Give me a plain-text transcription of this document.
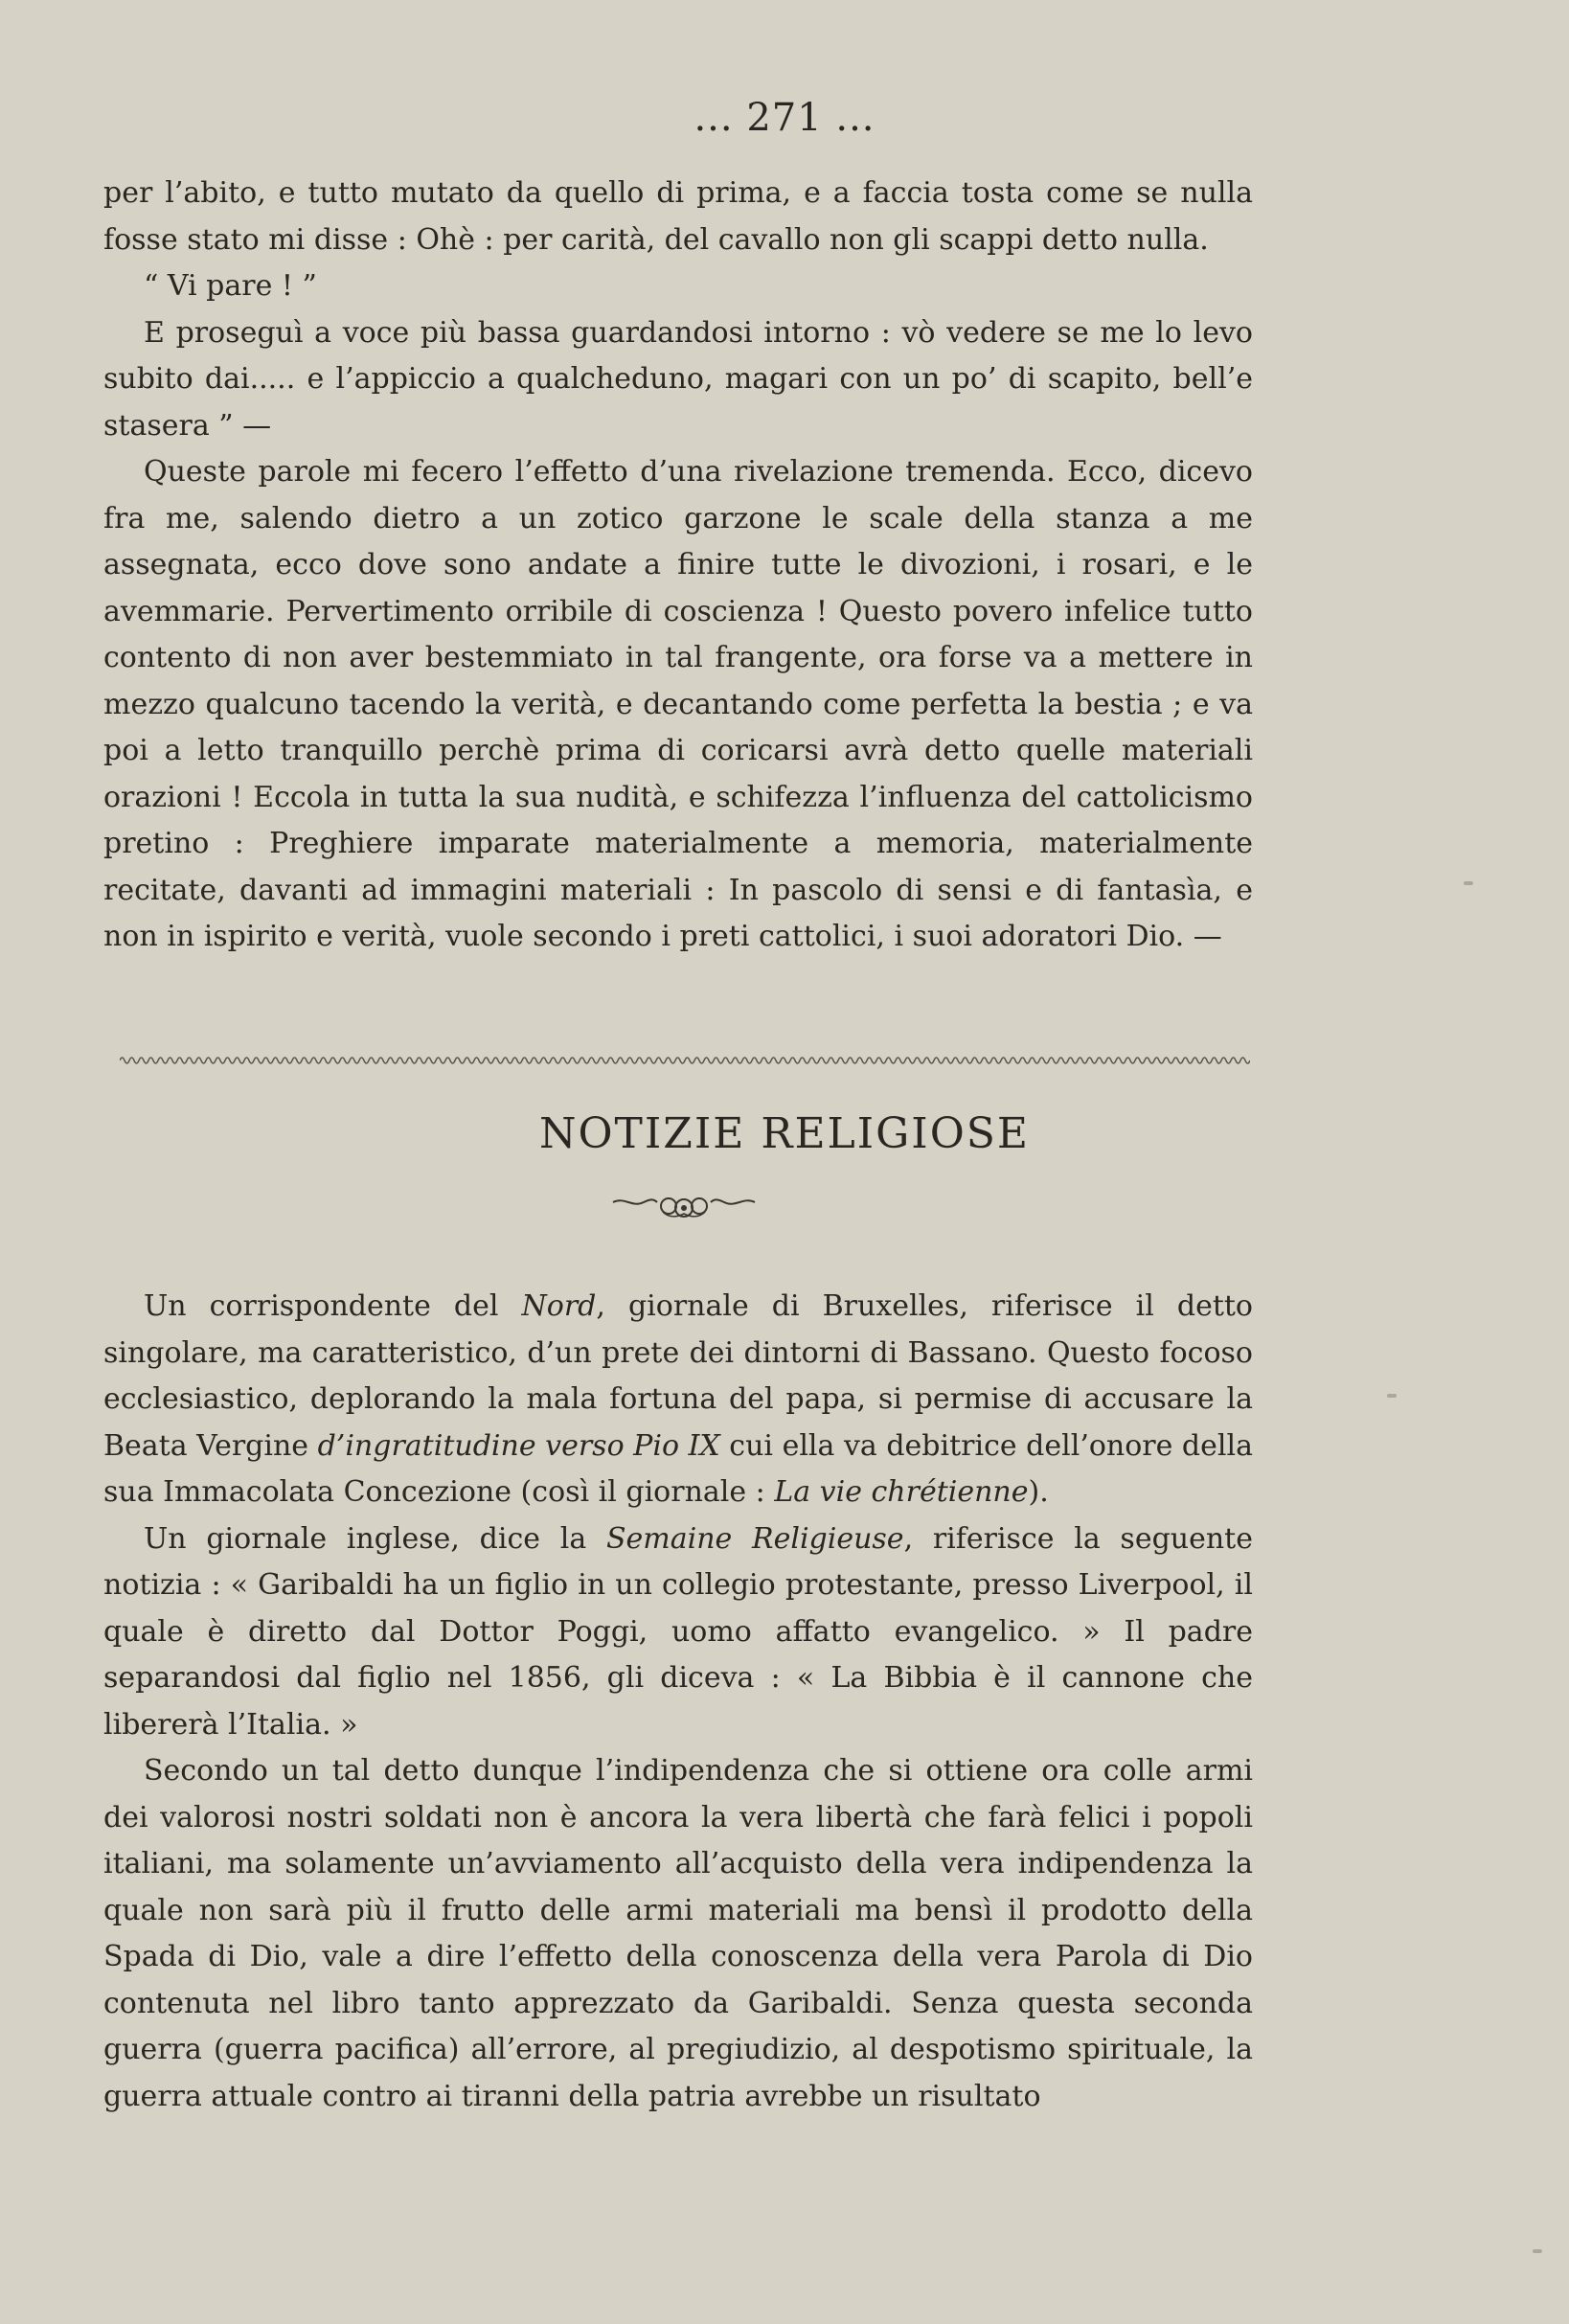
... 271 ...

per l’abito, e tutto mutato da quello di prima, e a faccia tosta come se nulla fosse stato mi disse : Ohè : per carità, del cavallo non gli scappi detto nulla.

“ Vi pare ! ”

E proseguì a voce più bassa guardandosi intorno : vò vedere se me lo levo subito dai..... e l’appiccio a qualcheduno, magari con un po’ di scapito, bell’e stasera ” —

Queste parole mi fecero l’effetto d’una rivelazione tremenda. Ecco, dicevo fra me, salendo dietro a un zotico garzone le scale della stanza a me assegnata, ecco dove sono andate a finire tutte le divozioni, i rosari, e le avemmarie. Pervertimento orribile di coscienza ! Questo povero infelice tutto contento di non aver bestemmiato in tal frangente, ora forse va a mettere in mezzo qualcuno tacendo la verità, e decantando come perfetta la bestia ; e va poi a letto tranquillo perchè prima di coricarsi avrà detto quelle materiali orazioni ! Eccola in tutta la sua nudità, e schifezza l’influenza del cattolicismo pretino : Preghiere imparate materialmente a memoria, materialmente recitate, davanti ad immagini materiali : In pascolo di sensi e di fantasìa, e non in ispirito e verità, vuole secondo i preti cattolici, i suoi adoratori Dio. —

NOTIZIE RELIGIOSE

Un corrispondente del Nord, giornale di Bruxelles, riferisce il detto singolare, ma caratteristico, d’un prete dei dintorni di Bassano. Questo focoso ecclesiastico, deplorando la mala fortuna del papa, si permise di accusare la Beata Vergine d’ingratitudine verso Pio IX cui ella va debitrice dell’onore della sua Immacolata Concezione (così il giornale : La vie chrétienne).

Un giornale inglese, dice la Semaine Religieuse, riferisce la seguente notizia : « Garibaldi ha un figlio in un collegio protestante, presso Liverpool, il quale è diretto dal Dottor Poggi, uomo affatto evangelico. » Il padre separandosi dal figlio nel 1856, gli diceva : « La Bibbia è il cannone che libererà l’Italia. »

Secondo un tal detto dunque l’indipendenza che si ottiene ora colle armi dei valorosi nostri soldati non è ancora la vera libertà che farà felici i popoli italiani, ma solamente un’avviamento all’acquisto della vera indipendenza la quale non sarà più il frutto delle armi materiali ma bensì il prodotto della Spada di Dio, vale a dire l’effetto della conoscenza della vera Parola di Dio contenuta nel libro tanto apprezzato da Garibaldi. Senza questa seconda guerra (guerra pacifica) all’errore, al pregiudizio, al despotismo spirituale, la guerra attuale contro ai tiranni della patria avrebbe un risultato
